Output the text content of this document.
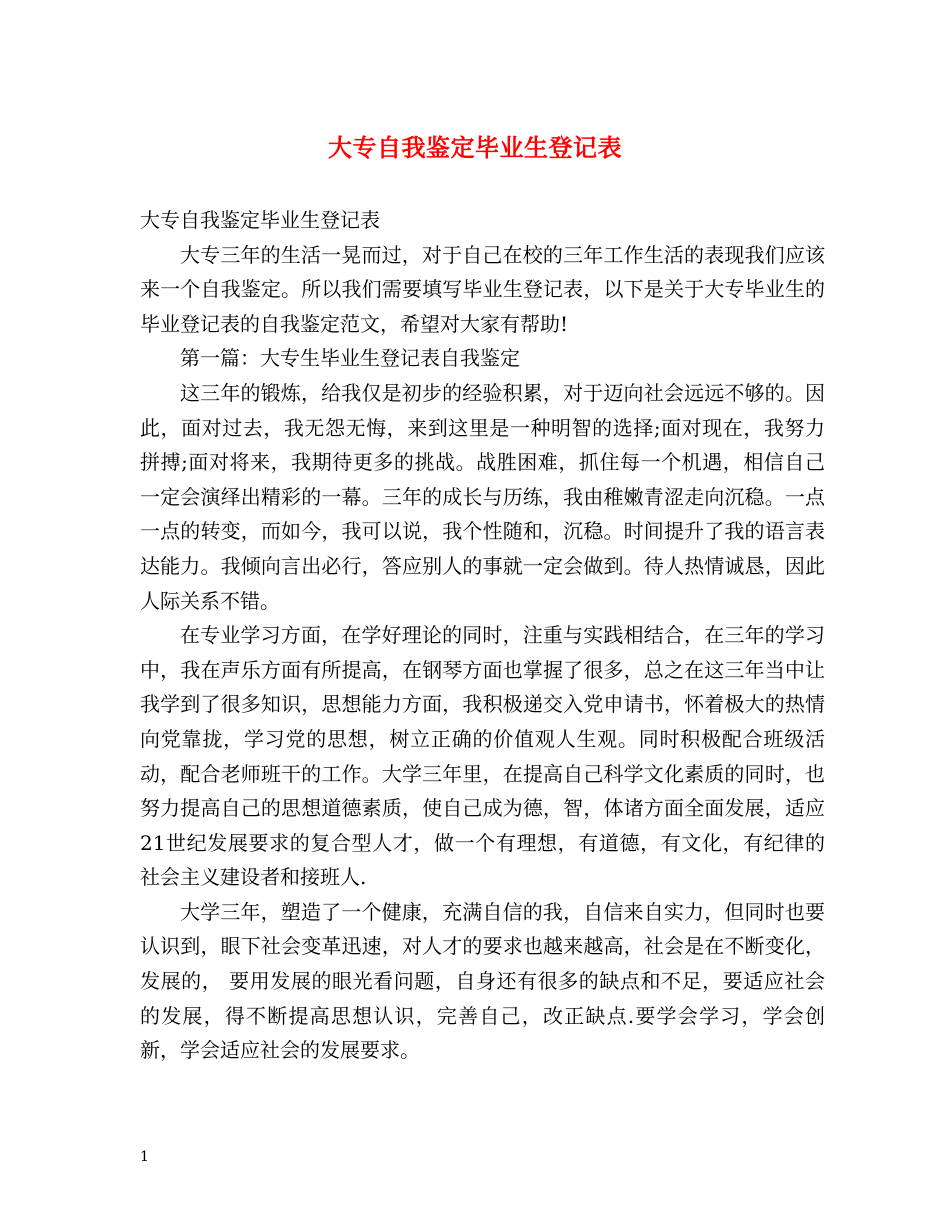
大专自我鉴定毕业生登记表

大专自我鉴定毕业生登记表

大专三年的生活一晃而过，对于自己在校的三年工作生活的表现我们应该来一个自我鉴定。所以我们需要填写毕业生登记表，以下是关于大专毕业生的毕业登记表的自我鉴定范文，希望对大家有帮助!

第一篇：大专生毕业生登记表自我鉴定

这三年的锻炼，给我仅是初步的经验积累，对于迈向社会远远不够的。因此，面对过去，我无怨无悔，来到这里是一种明智的选择;面对现在，我努力拼搏;面对将来，我期待更多的挑战。战胜困难，抓住每一个机遇，相信自己一定会演绎出精彩的一幕。三年的成长与历练，我由稚嫩青涩走向沉稳。一点一点的转变，而如今，我可以说，我个性随和，沉稳。时间提升了我的语言表达能力。我倾向言出必行，答应别人的事就一定会做到。待人热情诚恳，因此人际关系不错。

在专业学习方面，在学好理论的同时，注重与实践相结合，在三年的学习中，我在声乐方面有所提高，在钢琴方面也掌握了很多，总之在这三年当中让我学到了很多知识，思想能力方面，我积极递交入党申请书，怀着极大的热情向党靠拢，学习党的思想，树立正确的价值观人生观。同时积极配合班级活动，配合老师班干的工作。大学三年里，在提高自己科学文化素质的同时，也努力提高自己的思想道德素质，使自己成为德，智，体诸方面全面发展，适应21世纪发展要求的复合型人才，做一个有理想，有道德，有文化，有纪律的社会主义建设者和接班人.

大学三年，塑造了一个健康，充满自信的我，自信来自实力，但同时也要认识到，眼下社会变革迅速，对人才的要求也越来越高，社会是在不断变化，发展的， 要用发展的眼光看问题，自身还有很多的缺点和不足，要适应社会的发展，得不断提高思想认识，完善自己，改正缺点.要学会学习，学会创新，学会适应社会的发展要求。

1
